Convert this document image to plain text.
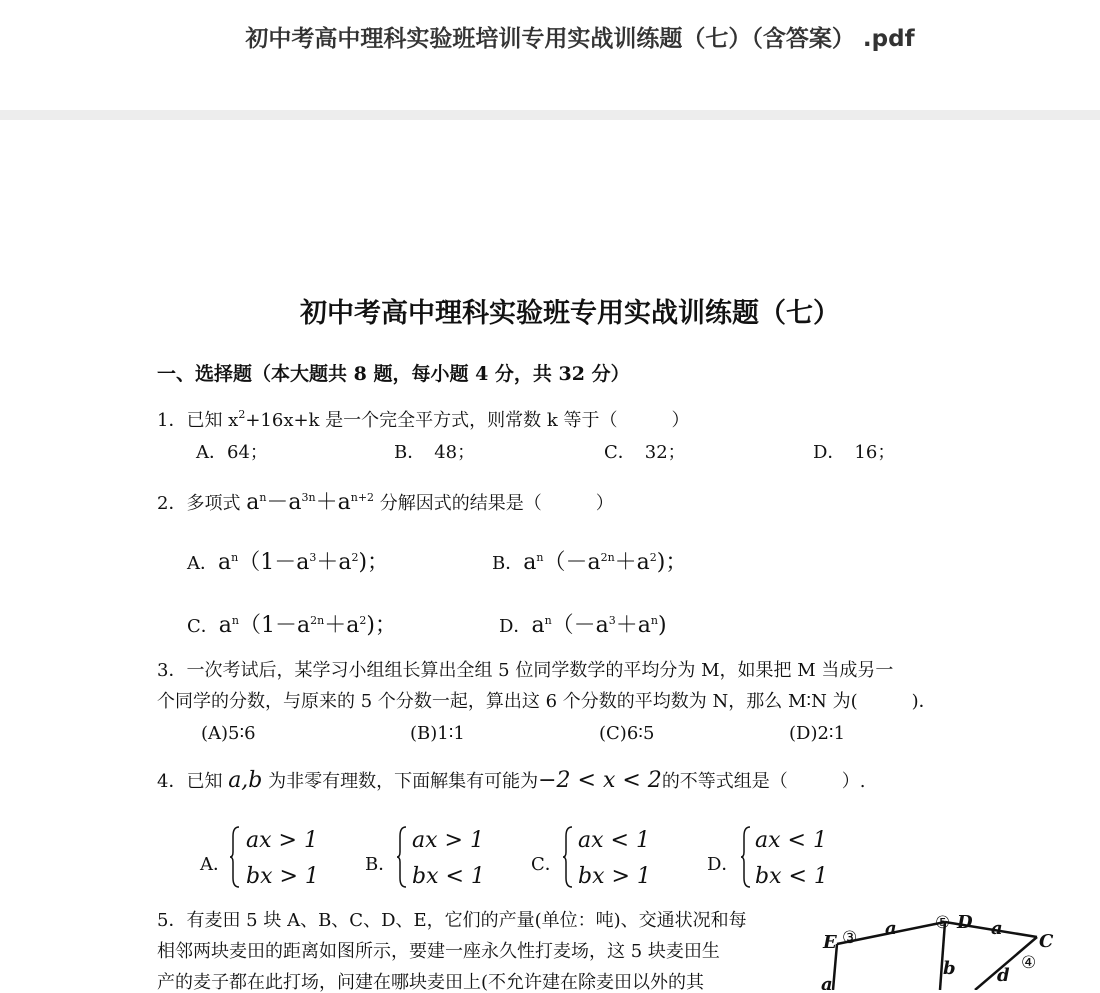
初中考高中理科实验班培训专用实战训练题（七）（含答案） .pdf
初中考高中理科实验班专用实战训练题（七）
一、选择题（本大题共 8 题，每小题 4 分，共 32 分）
1．已知 $x^2+16x+k$ 是一个完全平方式，则常数 k 等于（　　　）
A．64；	B．　48；	C．　32；	D．　16；
2．多项式 $a^n-a^{3n}+a^{n+2}$ 分解因式的结果是（　　　）
A．$a^n(1-a^3+a^2)$；	B．$a^n(-a^{2n}+a^2)$；
C．$a^n(1-a^{2n}+a^2)$；	D．$a^n(-a^3+a^n)$
3．一次考试后，某学习小组组长算出全组 5 位同学数学的平均分为 M，如果把 M 当成另一
个同学的分数，与原来的 5 个分数一起，算出这 6 个分数的平均数为 N，那么 M∶N 为(　　　)．
(A)5∶6	(B)1∶1	(C)6∶5	(D)2∶1
4．已知 a,b 为非零有理数，下面解集有可能为−2 < x < 2的不等式组是（　　　）.
A．
ax > 1
bx > 1	B．
ax > 1
bx < 1	C．
ax < 1
bx > 1	D．
ax < 1
bx < 1
5．有麦田 5 块 A、B、C、D、E，它们的产量(单位：吨)、交通状况和每
相邻两块麦田的距离如图所示，要建一座永久性打麦场，这 5 块麦田生
产的麦子都在此打场，问建在哪块麦田上(不允许建在除麦田以外的其
E ③ a ⑤ D a
C
b d
④
a
